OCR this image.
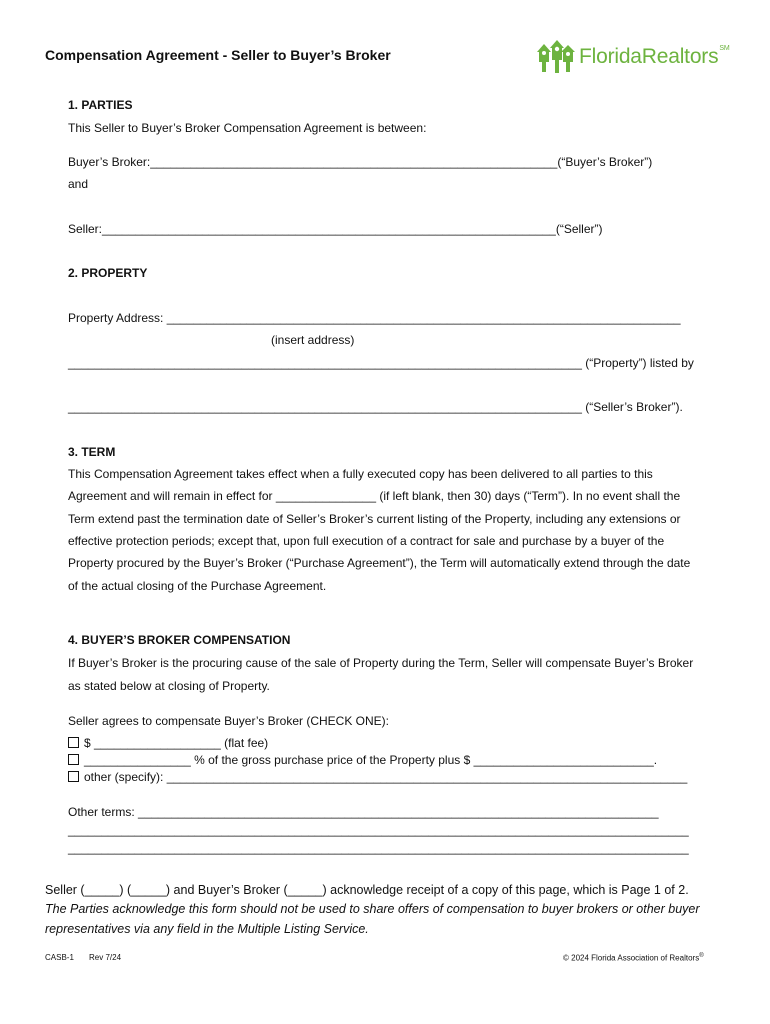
Compensation Agreement - Seller to Buyer’s Broker	FloridaRealtors℠
1. PARTIES
This Seller to Buyer’s Broker Compensation Agreement is between:
Buyer’s Broker:_____________________________________________________________(“Buyer’s Broker”)
and
Seller:____________________________________________________________________(“Seller”)
2. PROPERTY
Property Address: _____________________________________________________________________________
(insert address)
_____________________________________________________________________________ (“Property”) listed by
_____________________________________________________________________________ (“Seller’s Broker”).
3. TERM
This Compensation Agreement takes effect when a fully executed copy has been delivered to all parties to this
Agreement and will remain in effect for _______________ (if left blank, then 30) days (“Term”). In no event shall the
Term extend past the termination date of Seller’s Broker’s current listing of the Property, including any extensions or
effective protection periods; except that, upon full execution of a contract for sale and purchase by a buyer of the
Property procured by the Buyer’s Broker (“Purchase Agreement”), the Term will automatically extend through the date
of the actual closing of the Purchase Agreement.
4. BUYER’S BROKER COMPENSATION
If Buyer’s Broker is the procuring cause of the sale of Property during the Term, Seller will compensate Buyer’s Broker
as stated below at closing of Property.
Seller agrees to compensate Buyer’s Broker (CHECK ONE):
$ ___________________ (flat fee)
________________ % of the gross purchase price of the Property plus $ ___________________________.
other (specify): ______________________________________________________________________________
Other terms: ______________________________________________________________________________
_____________________________________________________________________________________________
_____________________________________________________________________________________________
Seller (_____) (_____) and Buyer’s Broker (_____) acknowledge receipt of a copy of this page, which is Page 1 of 2.
The Parties acknowledge this form should not be used to share offers of compensation to buyer brokers or other buyer
representatives via any field in the Multiple Listing Service.
CASB-1 Rev 7/24	© 2024 Florida Association of Realtors®
